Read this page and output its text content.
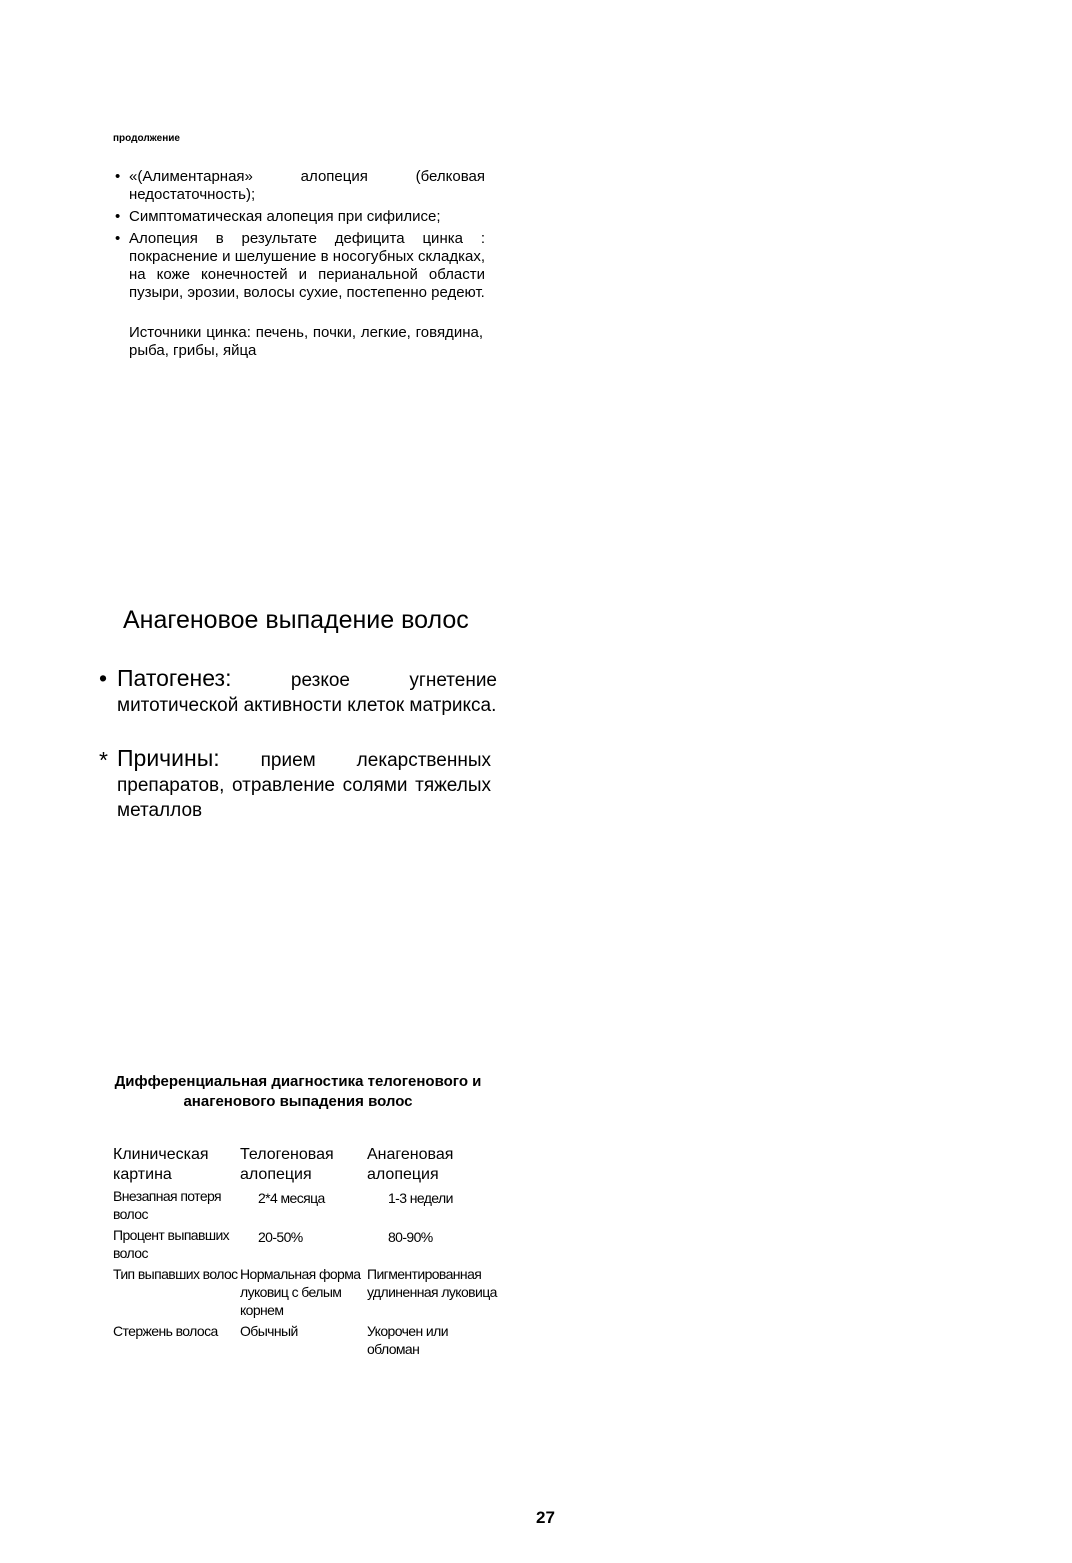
продолжение
• «(Алиментарная» алопеция (белковая недостаточность);
• Симптоматическая алопеция при сифилисе;
• Алопеция в результате дефицита цинка : покраснение и шелушение в носогубных складках, на коже конечностей и перианальной области пузыри, эрозии, волосы сухие, постепенно редеют.
Источники цинка: печень, почки, легкие, говядина, рыба, грибы, яйца
Анагеновое выпадение волос
• Патогенез: резкое угнетение митотической активности клеток матрикса.
* Причины: прием лекарственных препаратов, отравление солями тяжелых металлов
Дифференциальная диагностика телогенового и анагенового выпадения волос
Клиническая картина	Телогеновая алопеция	Анагеновая алопеция
Внезапная потеря волос	2*4 месяца	1-3 недели
Процент выпавших волос	20-50%	80-90%
Тип выпавших волос	Нормальная форма луковиц с белым корнем	Пигментированная удлиненная луковица
Стержень волоса	Обычный	Укорочен или обломан
27
